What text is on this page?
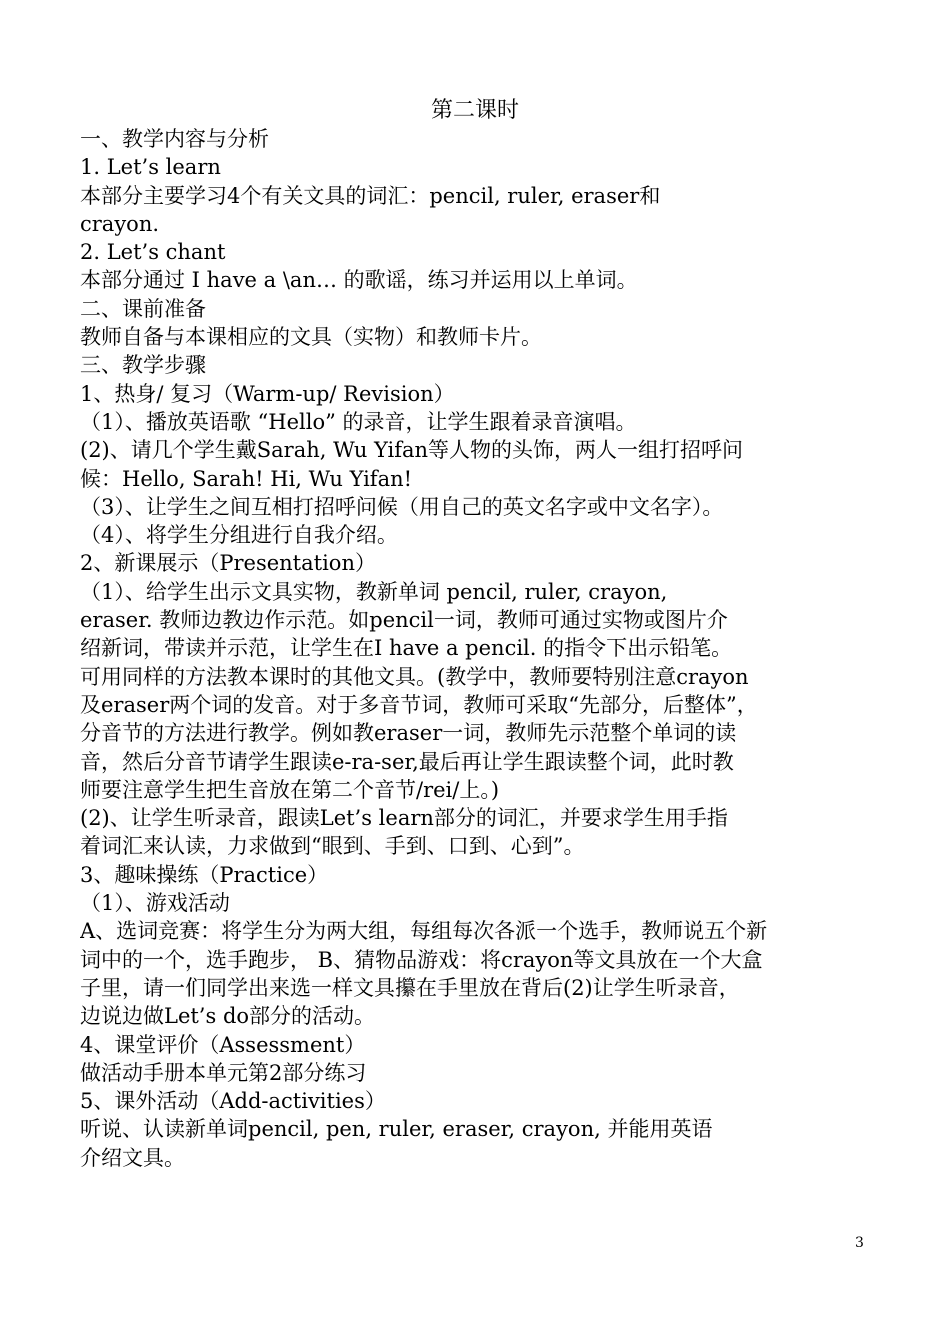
第二课时
一、教学内容与分析
1. Let’s learn
本部分主要学习4个有关文具的词汇：pencil, ruler, eraser和
crayon.
2. Let’s chant
本部分通过 I have a \an… 的歌谣，练习并运用以上单词。
二、课前准备
教师自备与本课相应的文具（实物）和教师卡片。
三、教学步骤
1、热身/ 复习（Warm-up/ Revision）
（1）、播放英语歌 “Hello” 的录音，让学生跟着录音演唱。
(2)、请几个学生戴Sarah, Wu Yifan等人物的头饰，两人一组打招呼问
候：Hello, Sarah! Hi, Wu Yifan!
（3）、让学生之间互相打招呼问候（用自己的英文名字或中文名字）。
（4）、将学生分组进行自我介绍。
2、新课展示（Presentation）
（1）、给学生出示文具实物，教新单词 pencil, ruler, crayon,
eraser. 教师边教边作示范。如pencil一词，教师可通过实物或图片介
绍新词，带读并示范，让学生在I have a pencil. 的指令下出示铅笔。
可用同样的方法教本课时的其他文具。(教学中，教师要特别注意crayon
及eraser两个词的发音。对于多音节词，教师可采取“先部分，后整体”，
分音节的方法进行教学。例如教eraser一词，教师先示范整个单词的读
音，然后分音节请学生跟读e-ra-ser,最后再让学生跟读整个词，此时教
师要注意学生把生音放在第二个音节/rei/上。)
(2)、让学生听录音，跟读Let’s learn部分的词汇，并要求学生用手指
着词汇来认读，力求做到“眼到、手到、口到、心到”。
3、趣味操练（Practice）
（1）、游戏活动
A、选词竞赛：将学生分为两大组，每组每次各派一个选手，教师说五个新
词中的一个，选手跑步， B、猜物品游戏：将crayon等文具放在一个大盒
子里，请一们同学出来选一样文具攥在手里放在背后(2)让学生听录音，
边说边做Let’s do部分的活动。
4、课堂评价（Assessment）
做活动手册本单元第2部分练习
5、课外活动（Add-activities）
听说、认读新单词pencil, pen, ruler, eraser, crayon, 并能用英语
介绍文具。
3
